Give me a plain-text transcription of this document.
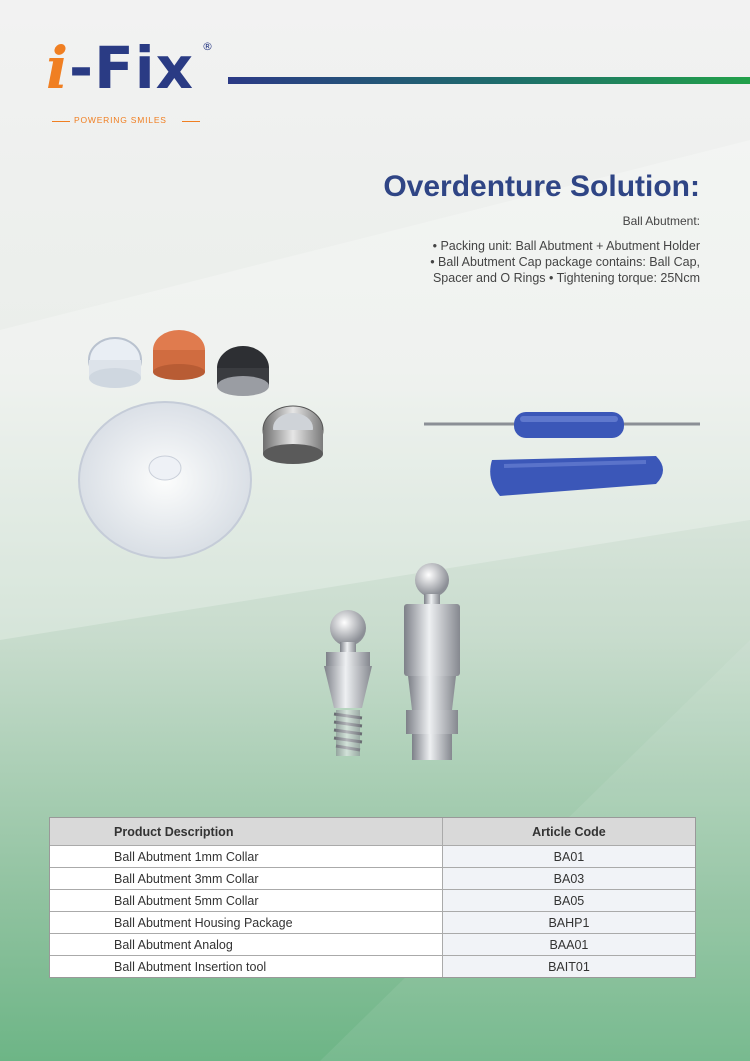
i-Fix ®
POWERING SMILES
Overdenture Solution:
Ball Abutment:
• Packing unit: Ball Abutment + Abutment Holder
• Ball Abutment Cap package contains: Ball Cap,
Spacer and O Rings • Tightening torque: 25Ncm
Product Description	Article Code
Ball Abutment 1mm Collar	BA01
Ball Abutment 3mm Collar	BA03
Ball Abutment 5mm Collar	BA05
Ball Abutment Housing Package	BAHP1
Ball Abutment Analog	BAA01
Ball Abutment Insertion tool	BAIT01
